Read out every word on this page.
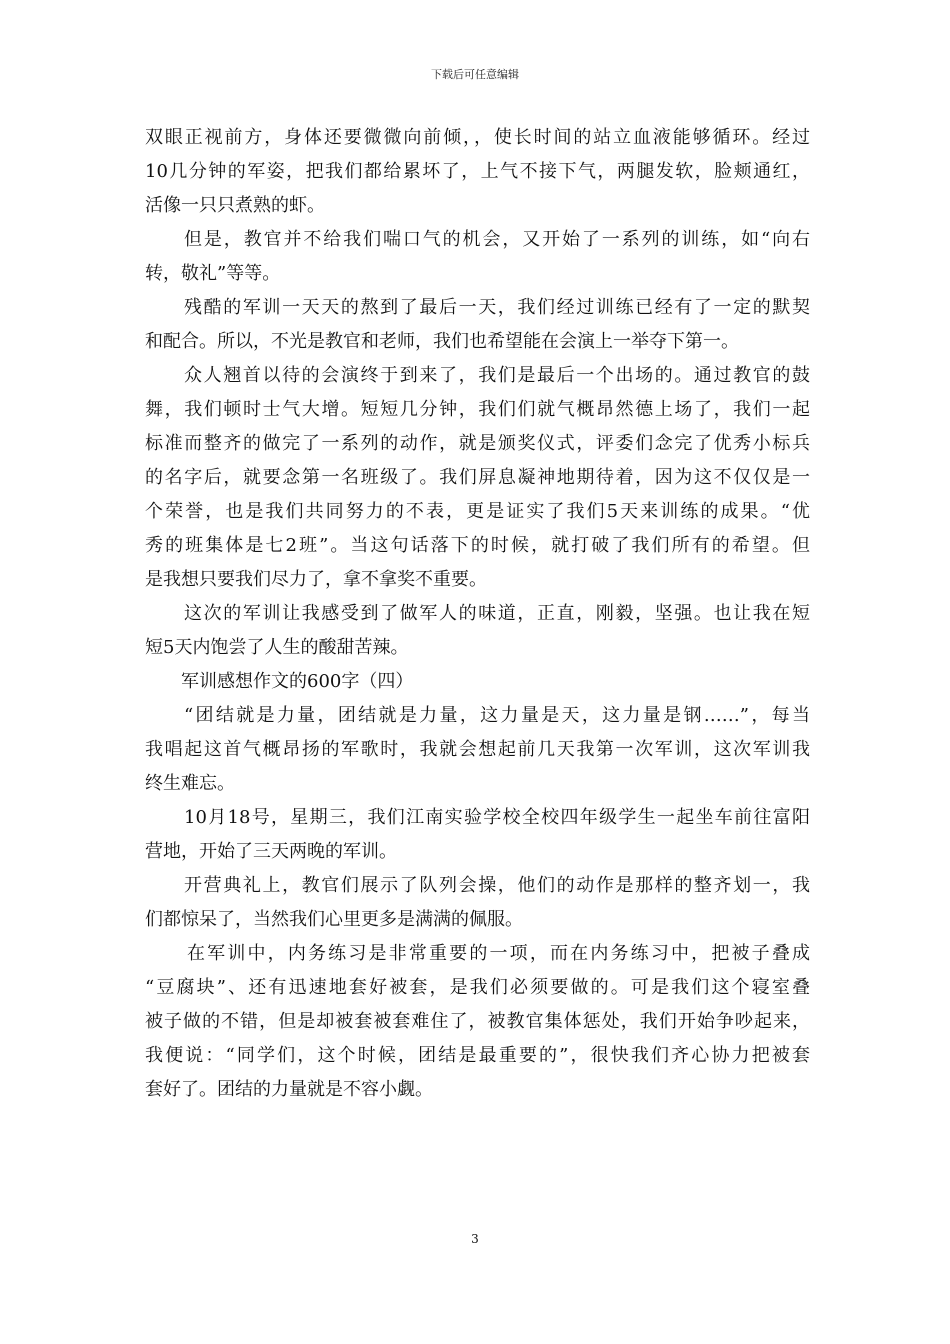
下载后可任意编辑
双眼正视前方，身体还要微微向前倾，，使长时间的站立血液能够循环。经过
10几分钟的军姿，把我们都给累坏了，上气不接下气，两腿发软，脸颊通红，
活像一只只煮熟的虾。
但是，教官并不给我们喘口气的机会，又开始了一系列的训练，如“向右
转，敬礼”等等。
残酷的军训一天天的熬到了最后一天，我们经过训练已经有了一定的默契
和配合。所以，不光是教官和老师，我们也希望能在会演上一举夺下第一。
众人翘首以待的会演终于到来了，我们是最后一个出场的。通过教官的鼓
舞，我们顿时士气大增。短短几分钟，我们们就气概昂然德上场了，我们一起
标准而整齐的做完了一系列的动作，就是颁奖仪式，评委们念完了优秀小标兵
的名字后，就要念第一名班级了。我们屏息凝神地期待着，因为这不仅仅是一
个荣誉，也是我们共同努力的不表，更是证实了我们5天来训练的成果。“优
秀的班集体是七2班”。当这句话落下的时候，就打破了我们所有的希望。但
是我想只要我们尽力了，拿不拿奖不重要。
这次的军训让我感受到了做军人的味道，正直，刚毅，坚强。也让我在短
短5天内饱尝了人生的酸甜苦辣。
军训感想作文的600字（四）
“团结就是力量，团结就是力量，这力量是天，这力量是钢……”，每当
我唱起这首气概昂扬的军歌时，我就会想起前几天我第一次军训，这次军训我
终生难忘。
10月18号，星期三，我们江南实验学校全校四年级学生一起坐车前往富阳
营地，开始了三天两晚的军训。
开营典礼上，教官们展示了队列会操，他们的动作是那样的整齐划一，我
们都惊呆了，当然我们心里更多是满满的佩服。
在军训中，内务练习是非常重要的一项，而在内务练习中，把被子叠成
“豆腐块”、还有迅速地套好被套，是我们必须要做的。可是我们这个寝室叠
被子做的不错，但是却被套被套难住了，被教官集体惩处，我们开始争吵起来，
我便说：“同学们，这个时候，团结是最重要的”，很快我们齐心协力把被套
套好了。团结的力量就是不容小觑。
3
